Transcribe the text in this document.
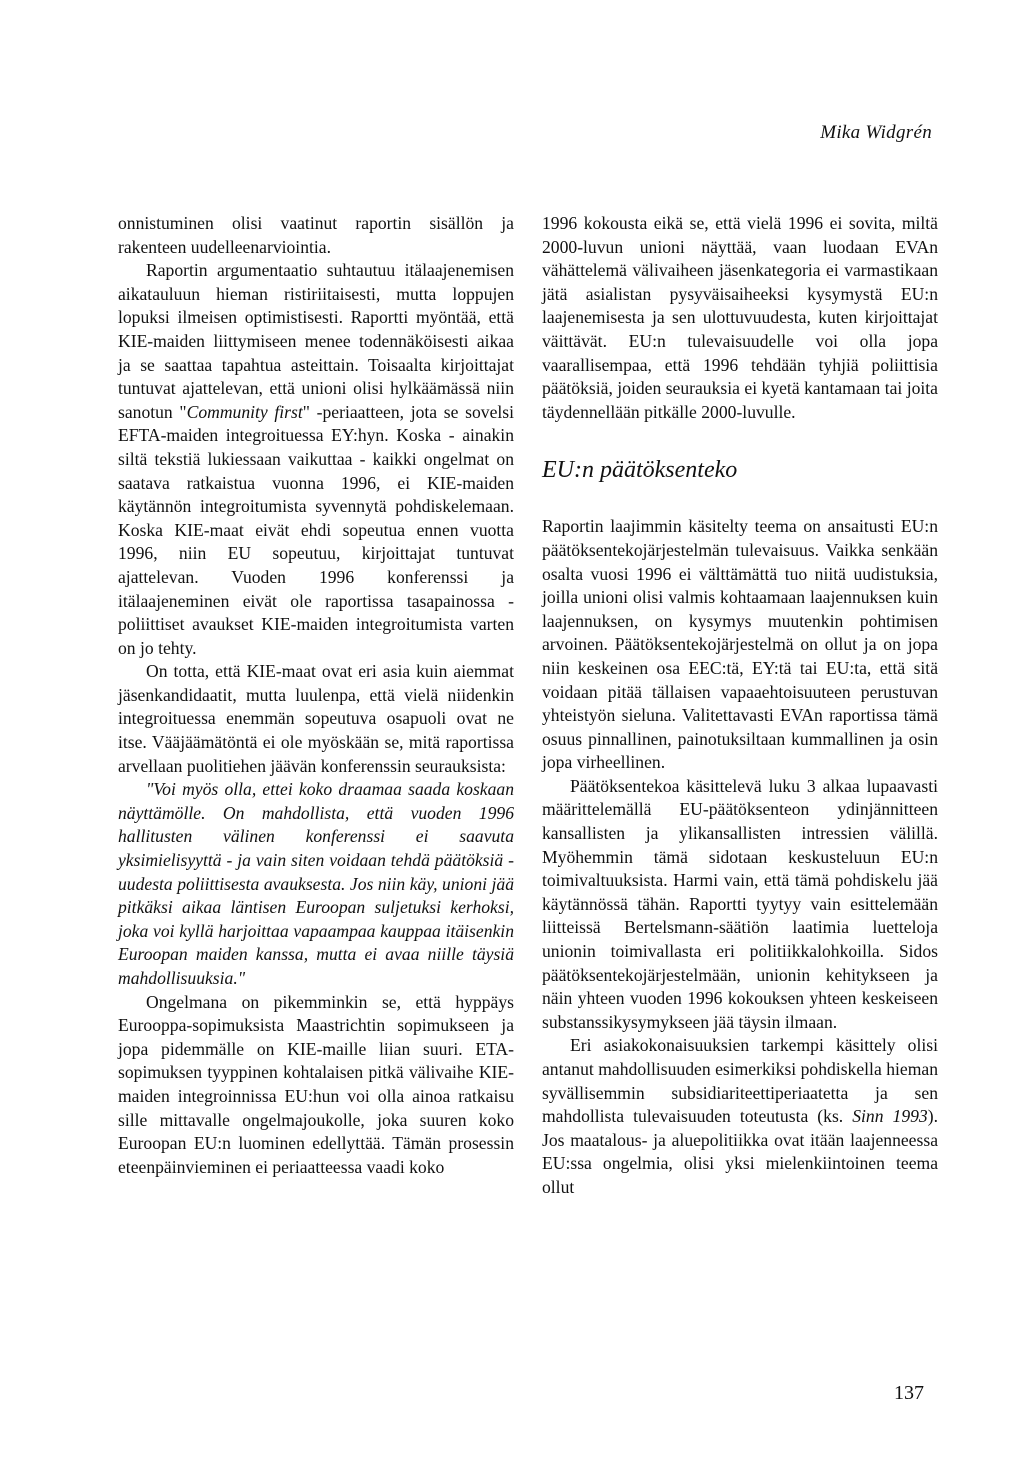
Mika Widgrén

onnistuminen olisi vaatinut raportin sisällön ja rakenteen uudelleenarviointia.

Raportin argumentaatio suhtautuu itälaajenemisen aikatauluun hieman ristiriitaisesti, mutta loppujen lopuksi ilmeisen optimistisesti. Raportti myöntää, että KIE-maiden liittymiseen menee todennäköisesti aikaa ja se saattaa tapahtua asteittain. Toisaalta kirjoittajat tuntuvat ajattelevan, että unioni olisi hylkäämässä niin sanotun "Community first" -periaatteen, jota se sovelsi EFTA-maiden integroituessa EY:hyn. Koska - ainakin siltä tekstiä lukiessaan vaikuttaa - kaikki ongelmat on saatava ratkaistua vuonna 1996, ei KIE-maiden käytännön integroitumista syvennytä pohdiskelemaan. Koska KIE-maat eivät ehdi sopeutua ennen vuotta 1996, niin EU sopeutuu, kirjoittajat tuntuvat ajattelevan. Vuoden 1996 konferenssi ja itälaajeneminen eivät ole raportissa tasapainossa - poliittiset avaukset KIE-maiden integroitumista varten on jo tehty.

On totta, että KIE-maat ovat eri asia kuin aiemmat jäsenkandidaatit, mutta luulenpa, että vielä niidenkin integroituessa enemmän sopeutuva osapuoli ovat ne itse. Vääjäämätöntä ei ole myöskään se, mitä raportissa arvellaan puolitiehen jäävän konferenssin seurauksista:

"Voi myös olla, ettei koko draamaa saada koskaan näyttämölle. On mahdollista, että vuoden 1996 hallitusten välinen konferenssi ei saavuta yksimielisyyttä - ja vain siten voidaan tehdä päätöksiä - uudesta poliittisesta avauksesta. Jos niin käy, unioni jää pitkäksi aikaa läntisen Euroopan suljetuksi kerhoksi, joka voi kyllä harjoittaa vapaampaa kauppaa itäisenkin Euroopan maiden kanssa, mutta ei avaa niille täysiä mahdollisuuksia."

Ongelmana on pikemminkin se, että hyppäys Eurooppa-sopimuksista Maastrichtin sopimukseen ja jopa pidemmälle on KIE-maille liian suuri. ETA-sopimuksen tyyppinen kohtalaisen pitkä välivaihe KIE-maiden integroinnissa EU:hun voi olla ainoa ratkaisu sille mittavalle ongelmajoukolle, joka suuren koko Euroopan EU:n luominen edellyttää. Tämän prosessin eteenpäinvieminen ei periaatteessa vaadi koko

1996 kokousta eikä se, että vielä 1996 ei sovita, miltä 2000-luvun unioni näyttää, vaan luodaan EVAn vähättelemä välivaiheen jäsenkategoria ei varmastikaan jätä asialistan pysyväisaiheeksi kysymystä EU:n laajenemisesta ja sen ulottuvuudesta, kuten kirjoittajat väittävät. EU:n tulevaisuudelle voi olla jopa vaarallisempaa, että 1996 tehdään tyhjiä poliittisia päätöksiä, joiden seurauksia ei kyetä kantamaan tai joita täydennellään pitkälle 2000-luvulle.

EU:n päätöksenteko

Raportin laajimmin käsitelty teema on ansaitusti EU:n päätöksentekojärjestelmän tulevaisuus. Vaikka senkään osalta vuosi 1996 ei välttämättä tuo niitä uudistuksia, joilla unioni olisi valmis kohtaamaan laajennuksen kuin laajennuksen, on kysymys muutenkin pohtimisen arvoinen. Päätöksentekojärjestelmä on ollut ja on jopa niin keskeinen osa EEC:tä, EY:tä tai EU:ta, että sitä voidaan pitää tällaisen vapaaehtoisuuteen perustuvan yhteistyön sieluna. Valitettavasti EVAn raportissa tämä osuus pinnallinen, painotuksiltaan kummallinen ja osin jopa virheellinen.

Päätöksentekoa käsittelevä luku 3 alkaa lupaavasti määrittelemällä EU-päätöksenteon ydinjännitteen kansallisten ja ylikansallisten intressien välillä. Myöhemmin tämä sidotaan keskusteluun EU:n toimivaltuuksista. Harmi vain, että tämä pohdiskelu jää käytännössä tähän. Raportti tyytyy vain esittelemään liitteissä Bertelsmann-säätiön laatimia luetteloja unionin toimivallasta eri politiikkalohkoilla. Sidos päätöksentekojärjestelmään, unionin kehitykseen ja näin yhteen vuoden 1996 kokouksen yhteen keskeiseen substanssikysymykseen jää täysin ilmaan.

Eri asiakokonaisuuksien tarkempi käsittely olisi antanut mahdollisuuden esimerkiksi pohdiskella hieman syvällisemmin subsidiariteettiperiaatetta ja sen mahdollista tulevaisuuden toteutusta (ks. Sinn 1993). Jos maatalous- ja aluepolitiikka ovat itään laajenneessa EU:ssa ongelmia, olisi yksi mielenkiintoinen teema ollut

137
